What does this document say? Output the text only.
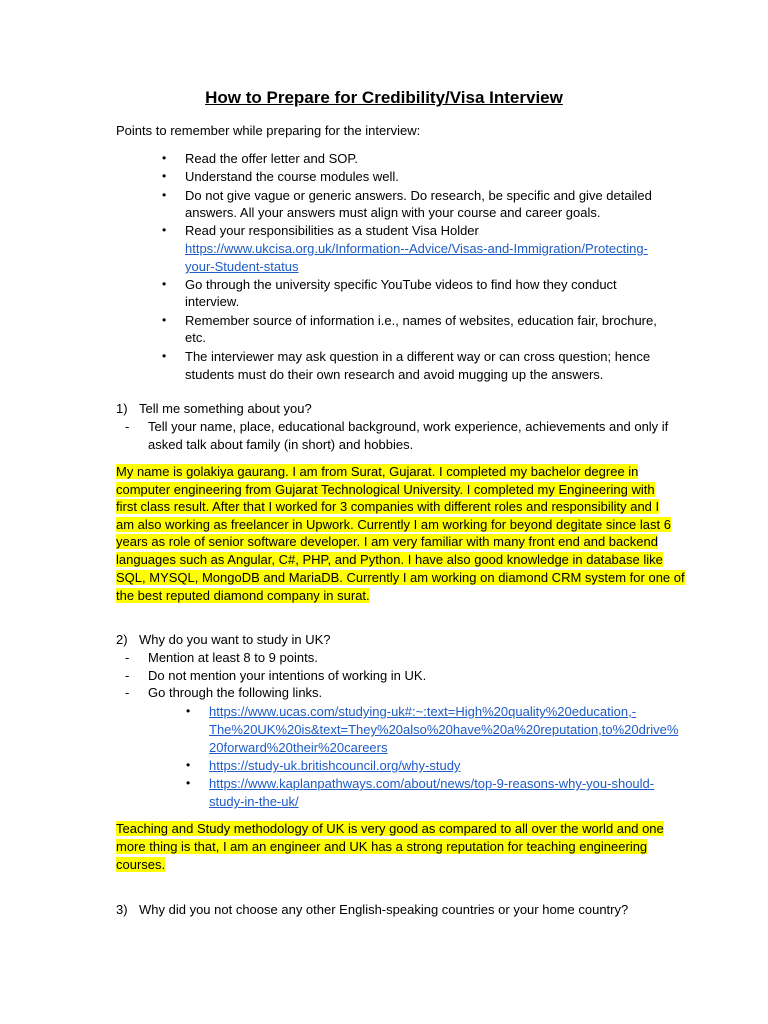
How to Prepare for Credibility/Visa Interview
Points to remember while preparing for the interview:
• Read the offer letter and SOP.
• Understand the course modules well.
• Do not give vague or generic answers. Do research, be specific and give detailed
answers. All your answers must align with your course and career goals.
• Read your responsibilities as a student Visa Holder
https://www.ukcisa.org.uk/Information--Advice/Visas-and-Immigration/Protecting-
your-Student-status
• Go through the university specific YouTube videos to find how they conduct
interview.
• Remember source of information i.e., names of websites, education fair, brochure,
etc.
• The interviewer may ask question in a different way or can cross question; hence
students must do their own research and avoid mugging up the answers.
1) Tell me something about you?
- Tell your name, place, educational background, work experience, achievements and only if
asked talk about family (in short) and hobbies.
My name is golakiya gaurang. I am from Surat, Gujarat. I completed my bachelor degree in
computer engineering from Gujarat Technological University. I completed my Engineering with
first class result. After that I worked for 3 companies with different roles and responsibility and I
am also working as freelancer in Upwork. Currently I am working for beyond degitate since last 6
years as role of senior software developer. I am very familiar with many front end and backend
languages such as Angular, C#, PHP, and Python. I have also good knowledge in database like
SQL, MYSQL, MongoDB and MariaDB. Currently I am working on diamond CRM system for one of
the best reputed diamond company in surat.
2) Why do you want to study in UK?
- Mention at least 8 to 9 points.
- Do not mention your intentions of working in UK.
- Go through the following links.
• https://www.ucas.com/studying-uk#:~:text=High%20quality%20education,-
The%20UK%20is&text=They%20also%20have%20a%20reputation,to%20drive%
20forward%20their%20careers
• https://study-uk.britishcouncil.org/why-study
• https://www.kaplanpathways.com/about/news/top-9-reasons-why-you-should-
study-in-the-uk/
Teaching and Study methodology of UK is very good as compared to all over the world and one
more thing is that, I am an engineer and UK has a strong reputation for teaching engineering
courses.
3) Why did you not choose any other English-speaking countries or your home country?
